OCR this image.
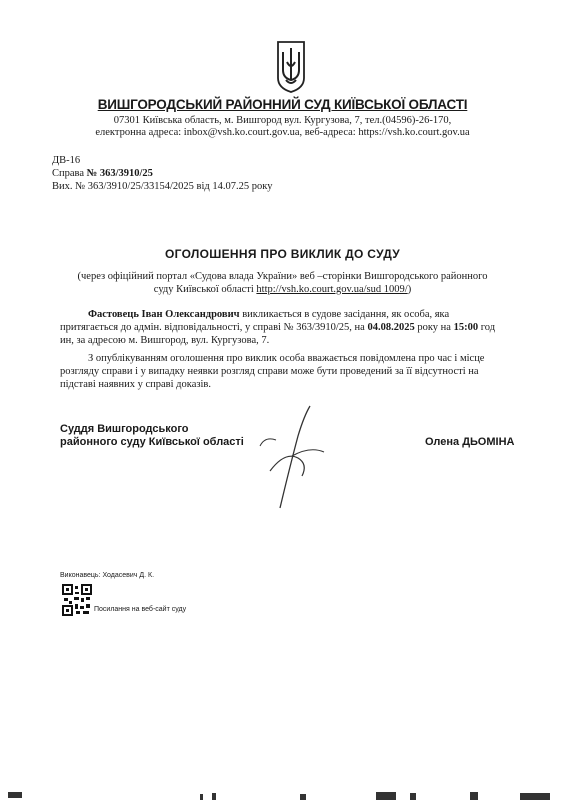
ВИШГОРОДСЬКИЙ РАЙОННИЙ СУД КИЇВСЬКОЇ ОБЛАСТІ
07301 Київська область, м. Вишгород вул. Кургузова, 7, тел.(04596)-26-170,
електронна адреса: inbox@vsh.ko.court.gov.ua, веб-адреса: https://vsh.ko.court.gov.ua
ДВ-16
Справа № 363/3910/25
Вих. № 363/3910/25/33154/2025 від 14.07.25 року
ОГОЛОШЕННЯ ПРО ВИКЛИК ДО СУДУ
(через офіційний портал «Судова влада України» веб –сторінки Вишгородського районного
суду Київської області http://vsh.ko.court.gov.ua/sud 1009/)
Фастовець Іван Олександрович викликається в судове засідання, як особа, яка
притягається до адмін. відповідальності, у справі № 363/3910/25, на 04.08.2025 року на 15:00 год
ин, за адресою м. Вишгород, вул. Кургузова, 7.
З опублікуванням оголошення про виклик особа вважається повідомлена про час і місце
розгляду справи і у випадку неявки розгляд справи може бути проведений за її відсутності на
підставі наявних у справі доказів.
Суддя Вишгородського
районного суду Київської області	Олена ДЬОМІНА
Виконавець: Ходасевич Д. К.
Посилання на веб-сайт суду
